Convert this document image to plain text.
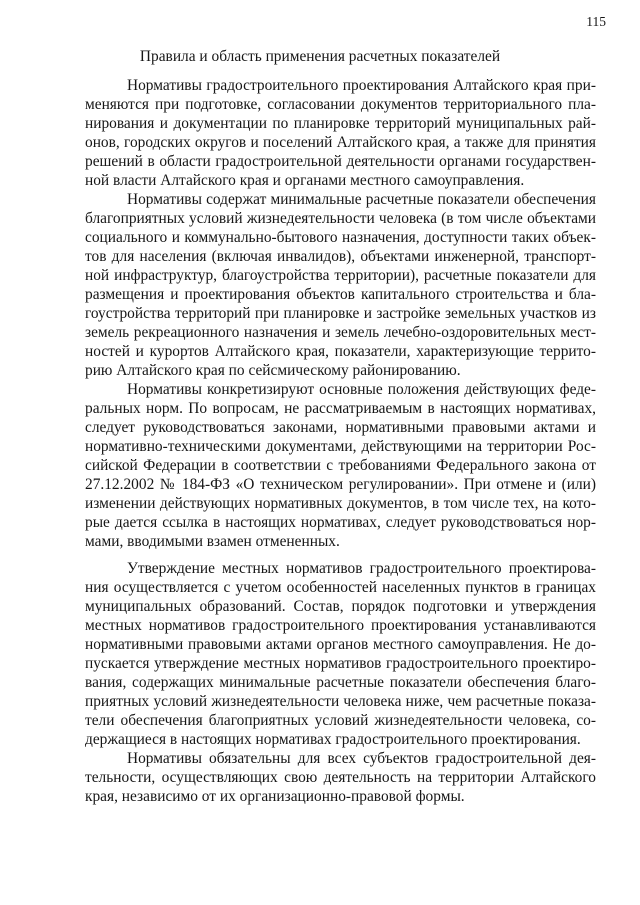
115
Правила и область применения расчетных показателей

Нормативы градостроительного проектирования Алтайского края применяются при подготовке, согласовании документов территориального планирования и документации по планировке территорий муниципальных районов, городских округов и поселений Алтайского края, а также для принятия решений в области градостроительной деятельности органами государственной власти Алтайского края и органами местного самоуправления.

Нормативы содержат минимальные расчетные показатели обеспечения благоприятных условий жизнедеятельности человека (в том числе объектами социального и коммунально-бытового назначения, доступности таких объектов для населения (включая инвалидов), объектами инженерной, транспортной инфраструктур, благоустройства территории), расчетные показатели для размещения и проектирования объектов капитального строительства и благоустройства территорий при планировке и застройке земельных участков из земель рекреационного назначения и земель лечебно-оздоровительных местностей и курортов Алтайского края, показатели, характеризующие территорию Алтайского края по сейсмическому районированию.

Нормативы конкретизируют основные положения действующих федеральных норм. По вопросам, не рассматриваемым в настоящих нормативах, следует руководствоваться законами, нормативными правовыми актами и нормативно-техническими документами, действующими на территории Российской Федерации в соответствии с требованиями Федерального закона от 27.12.2002 № 184-ФЗ «О техническом регулировании». При отмене и (или) изменении действующих нормативных документов, в том числе тех, на которые дается ссылка в настоящих нормативах, следует руководствоваться нормами, вводимыми взамен отмененных.

Утверждение местных нормативов градостроительного проектирования осуществляется с учетом особенностей населенных пунктов в границах муниципальных образований. Состав, порядок подготовки и утверждения местных нормативов градостроительного проектирования устанавливаются нормативными правовыми актами органов местного самоуправления. Не допускается утверждение местных нормативов градостроительного проектирования, содержащих минимальные расчетные показатели обеспечения благоприятных условий жизнедеятельности человека ниже, чем расчетные показатели обеспечения благоприятных условий жизнедеятельности человека, содержащиеся в настоящих нормативах градостроительного проектирования.

Нормативы обязательны для всех субъектов градостроительной деятельности, осуществляющих свою деятельность на территории Алтайского края, независимо от их организационно-правовой формы.
